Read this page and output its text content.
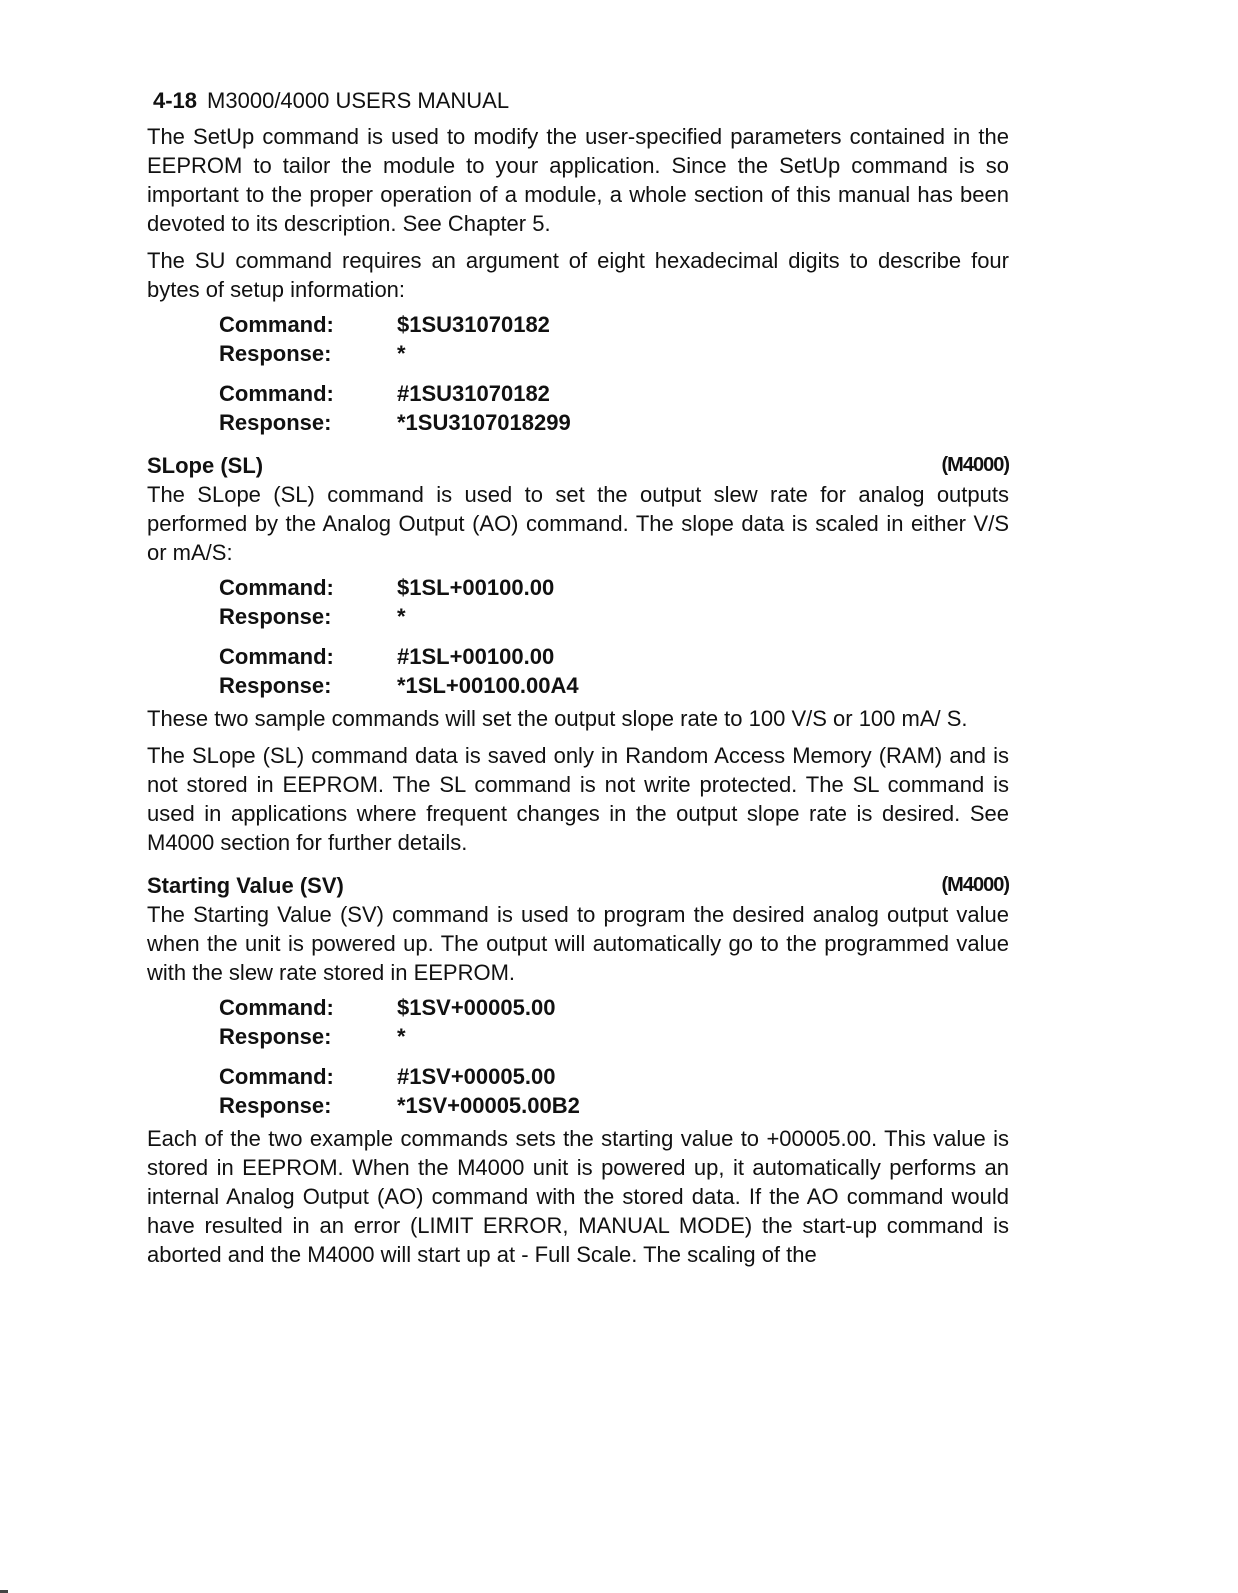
4-18 M3000/4000 USERS MANUAL

The SetUp command is used to modify the user-specified parameters contained in the EEPROM to tailor the module to your application. Since the SetUp command is so important to the proper operation of a module, a whole section of this manual has been devoted to its description. See Chapter 5.

The SU command requires an argument of eight hexadecimal digits to describe four bytes of setup information:

Command:	$1SU31070182
Response:	*
Command:	#1SU31070182
Response:	*1SU3107018299
SLope (SL)	(M4000)

The SLope (SL) command is used to set the output slew rate for analog outputs performed by the Analog Output (AO) command. The slope data is scaled in either V/S or mA/S:

Command:	$1SL+00100.00
Response:	*
Command:	#1SL+00100.00
Response:	*1SL+00100.00A4

These two sample commands will set the output slope rate to 100 V/S or 100 mA/ S.

The SLope (SL) command data is saved only in Random Access Memory (RAM) and is not stored in EEPROM. The SL command is not write protected. The SL command is used in applications where frequent changes in the output slope rate is desired. See M4000 section for further details.

Starting Value (SV)	(M4000)

The Starting Value (SV) command is used to program the desired analog output value when the unit is powered up. The output will automatically go to the programmed value with the slew rate stored in EEPROM.

Command:	$1SV+00005.00
Response:	*
Command:	#1SV+00005.00
Response:	*1SV+00005.00B2

Each of the two example commands sets the starting value to +00005.00. This value is stored in EEPROM. When the M4000 unit is powered up, it automatically performs an internal Analog Output (AO) command with the stored data. If the AO command would have resulted in an error (LIMIT ERROR, MANUAL MODE) the start-up command is aborted and the M4000 will start up at - Full Scale. The scaling of the
